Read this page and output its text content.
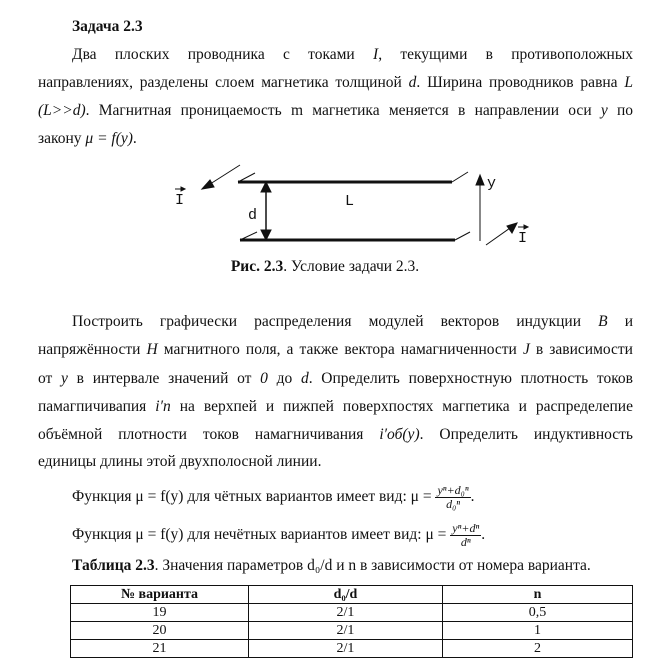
Задача 2.3
I
I
d
L
y
Рис. 2.3. Условие задачи 2.3.
Функция μ = f(y) для чётных вариантов имеет вид: $\mu = \frac{\text{yⁿ+d₀ⁿ}}{\text{d₀ⁿ}}$ .
Функция μ = f(y) для нечётных вариантов имеет вид: $\mu = \frac{\text{yⁿ+dⁿ}}{\text{dⁿ}}$ .
Таблица 2.3. Значения параметров d₀/d и n в зависимости от номера варианта.
№ варианта	d₀/d	n
19	2/1	0,5
20	2/1	1
21	2/1	2
Два плоских проводника с токами I, текущими в противоположных
направлениях, разделены слоем магнетика толщиной d. Ширина проводников равна L
(L>>d). Магнитная проницаемость m магнетика меняется в направлении оси y по
закону μ = f(y).
Построить графически распределения модулей векторов индукции B и
напряжённости H магнитного поля, а также вектора намагниченности J в зависимости
от y в интервале значений от 0 до d. Определить поверхностную плотность токов
памагпичивапия i′п на верхпей и пижпей поверхпостях магпетика и распределепие
объёмной плотности токов намагничивания i′об(y). Определить индуктивность
единицы длины этой двухполосной линии.
